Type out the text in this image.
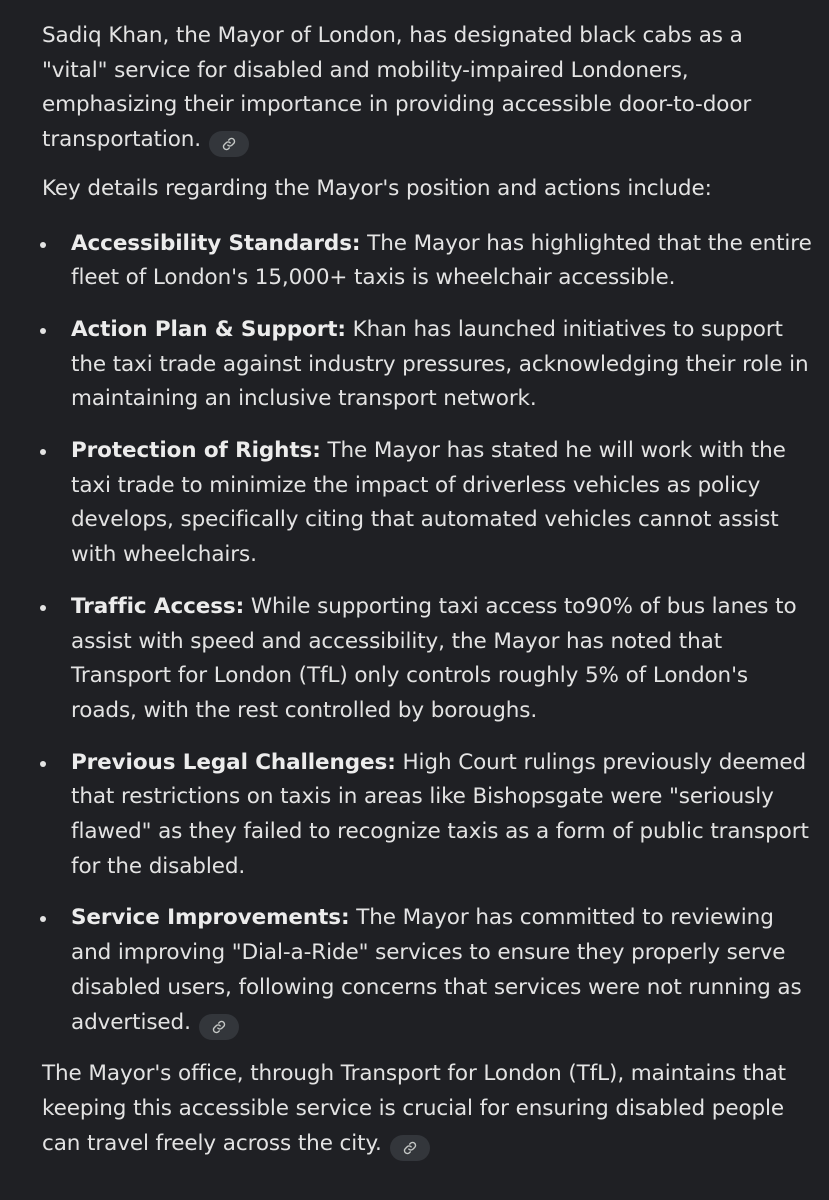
Sadiq Khan, the Mayor of London, has designated black cabs as a "vital" service for disabled and mobility-impaired Londoners, emphasizing their importance in providing accessible door-to-door transportation.

Key details regarding the Mayor's position and actions include:

Accessibility Standards: The Mayor has highlighted that the entire fleet of London's 15,000+ taxis is wheelchair accessible.
Action Plan & Support: Khan has launched initiatives to support the taxi trade against industry pressures, acknowledging their role in maintaining an inclusive transport network.
Protection of Rights: The Mayor has stated he will work with the taxi trade to minimize the impact of driverless vehicles as policy develops, specifically citing that automated vehicles cannot assist with wheelchairs.
Traffic Access: While supporting taxi access to90% of bus lanes to assist with speed and accessibility, the Mayor has noted that Transport for London (TfL) only controls roughly 5% of London's roads, with the rest controlled by boroughs.
Previous Legal Challenges: High Court rulings previously deemed that restrictions on taxis in areas like Bishopsgate were "seriously flawed" as they failed to recognize taxis as a form of public transport for the disabled.
Service Improvements: The Mayor has committed to reviewing and improving "Dial-a-Ride" services to ensure they properly serve disabled users, following concerns that services were not running as advertised.

The Mayor's office, through Transport for London (TfL), maintains that keeping this accessible service is crucial for ensuring disabled people can travel freely across the city.
